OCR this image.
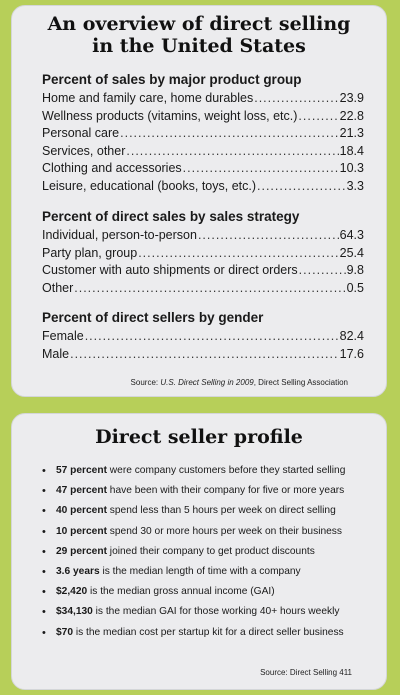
An overview of direct selling
in the United States
Percent of sales by major product group
Home and family care, home durables .....	23.9
Wellness products (vitamins, weight loss, etc.) .....	22.8
Personal care .....	21.3
Services, other .....	18.4
Clothing and accessories .....	10.3
Leisure, educational (books, toys, etc.) .....	3.3
Percent of direct sales by sales strategy
Individual, person-to-person .....	64.3
Party plan, group .....	25.4
Customer with auto shipments or direct orders .....	9.8
Other .....	0.5
Percent of direct sellers by gender
Female .....	82.4
Male .....	17.6
Source: U.S. Direct Selling in 2009, Direct Selling Association
Direct seller profile
• 57 percent were company customers before they started selling
• 47 percent have been with their company for five or more years
• 40 percent spend less than 5 hours per week on direct selling
• 10 percent spend 30 or more hours per week on their business
• 29 percent joined their company to get product discounts
• 3.6 years is the median length of time with a company
• $2,420 is the median gross annual income (GAI)
• $34,130 is the median GAI for those working 40+ hours weekly
• $70 is the median cost per startup kit for a direct seller business
Source: Direct Selling 411
